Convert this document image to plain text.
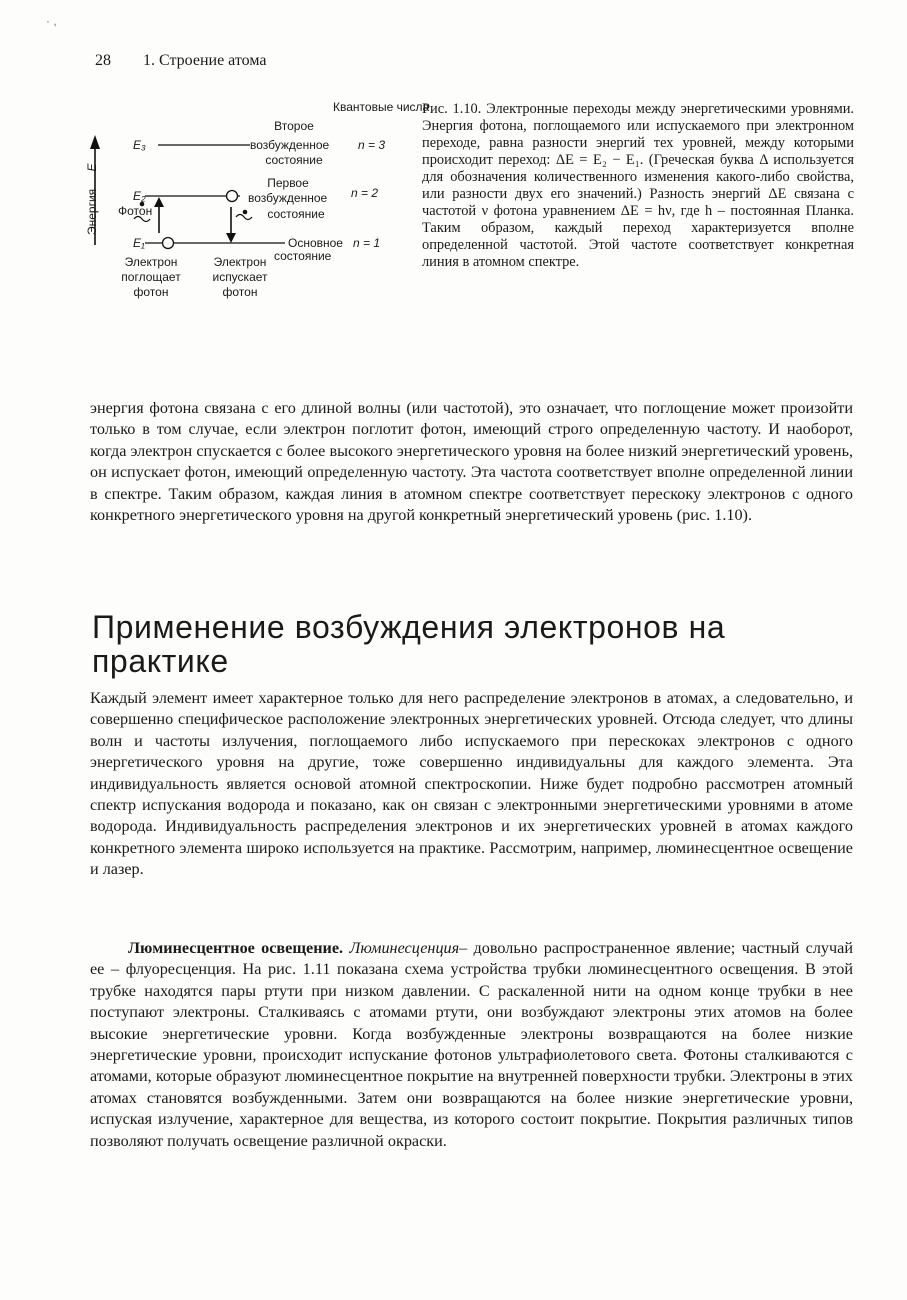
· ,
28 1. Строение атома
Квантовые числа
Энергия E
E₃
Второе
возбужденное
состояние
n = 3
E₂
Первое
возбужденное
состояние
n = 2
Фотон
E₁	Основное
состояние
n = 1
Электрон
поглощает
фотон
Электрон
испускает
фотон

Рис. 1.10. Электронные переходы между энергетическими уровнями. Энергия фотона, поглощаемого или испускаемого при электронном переходе, равна разности энергий тех уровней, между которыми происходит переход: ΔE = E₂ − E₁. (Греческая буква Δ используется для обозначения количественного изменения какого-либо свойства, или разности двух его значений.) Разность энергий ΔE связана с частотой ν фотона уравнением ΔE = hν, где h – постоянная Планка. Таким образом, каждый переход характеризуется вполне определенной частотой. Этой частоте соответствует конкретная линия в атомном спектре.

энергия фотона связана с его длиной волны (или частотой), это означает, что поглощение может произойти только в том случае, если электрон поглотит фотон, имеющий строго определенную частоту. И наоборот, когда электрон спускается с более высокого энергетического уровня на более низкий энергетический уровень, он испускает фотон, имеющий определенную частоту. Эта частота соответствует вполне определенной линии в спектре. Таким образом, каждая линия в атомном спектре соответствует перескоку электронов с одного конкретного энергетического уровня на другой конкретный энергетический уровень (рис. 1.10).

Применение возбуждения электронов на практике

Каждый элемент имеет характерное только для него распределение электронов в атомах, а следовательно, и совершенно специфическое расположение электронных энергетических уровней. Отсюда следует, что длины волн и частоты излучения, поглощаемого либо испускаемого при перескоках электронов с одного энергетического уровня на другие, тоже совершенно индивидуальны для каждого элемента. Эта индивидуальность является основой атомной спектроскопии. Ниже будет подробно рассмотрен атомный спектр испускания водорода и показано, как он связан с электронными энергетическими уровнями в атоме водорода. Индивидуальность распределения электронов и их энергетических уровней в атомах каждого конкретного элемента широко используется на практике. Рассмотрим, например, люминесцентное освещение и лазер.

Люминесцентное освещение. Люминесценция– довольно распространенное явление; частный случай ее – флуоресценция. На рис. 1.11 показана схема устройства трубки люминесцентного освещения. В этой трубке находятся пары ртути при низком давлении. С раскаленной нити на одном конце трубки в нее поступают электроны. Сталкиваясь с атомами ртути, они возбуждают электроны этих атомов на более высокие энергетические уровни. Когда возбужденные электроны возвращаются на более низкие энергетические уровни, происходит испускание фотонов ультрафиолетового света. Фотоны сталкиваются с атомами, которые образуют люминесцентное покрытие на внутренней поверхности трубки. Электроны в этих атомах становятся возбужденными. Затем они возвращаются на более низкие энергетические уровни, испуская излучение, характерное для вещества, из которого состоит покрытие. Покрытия различных типов позволяют получать освещение различной окраски.
